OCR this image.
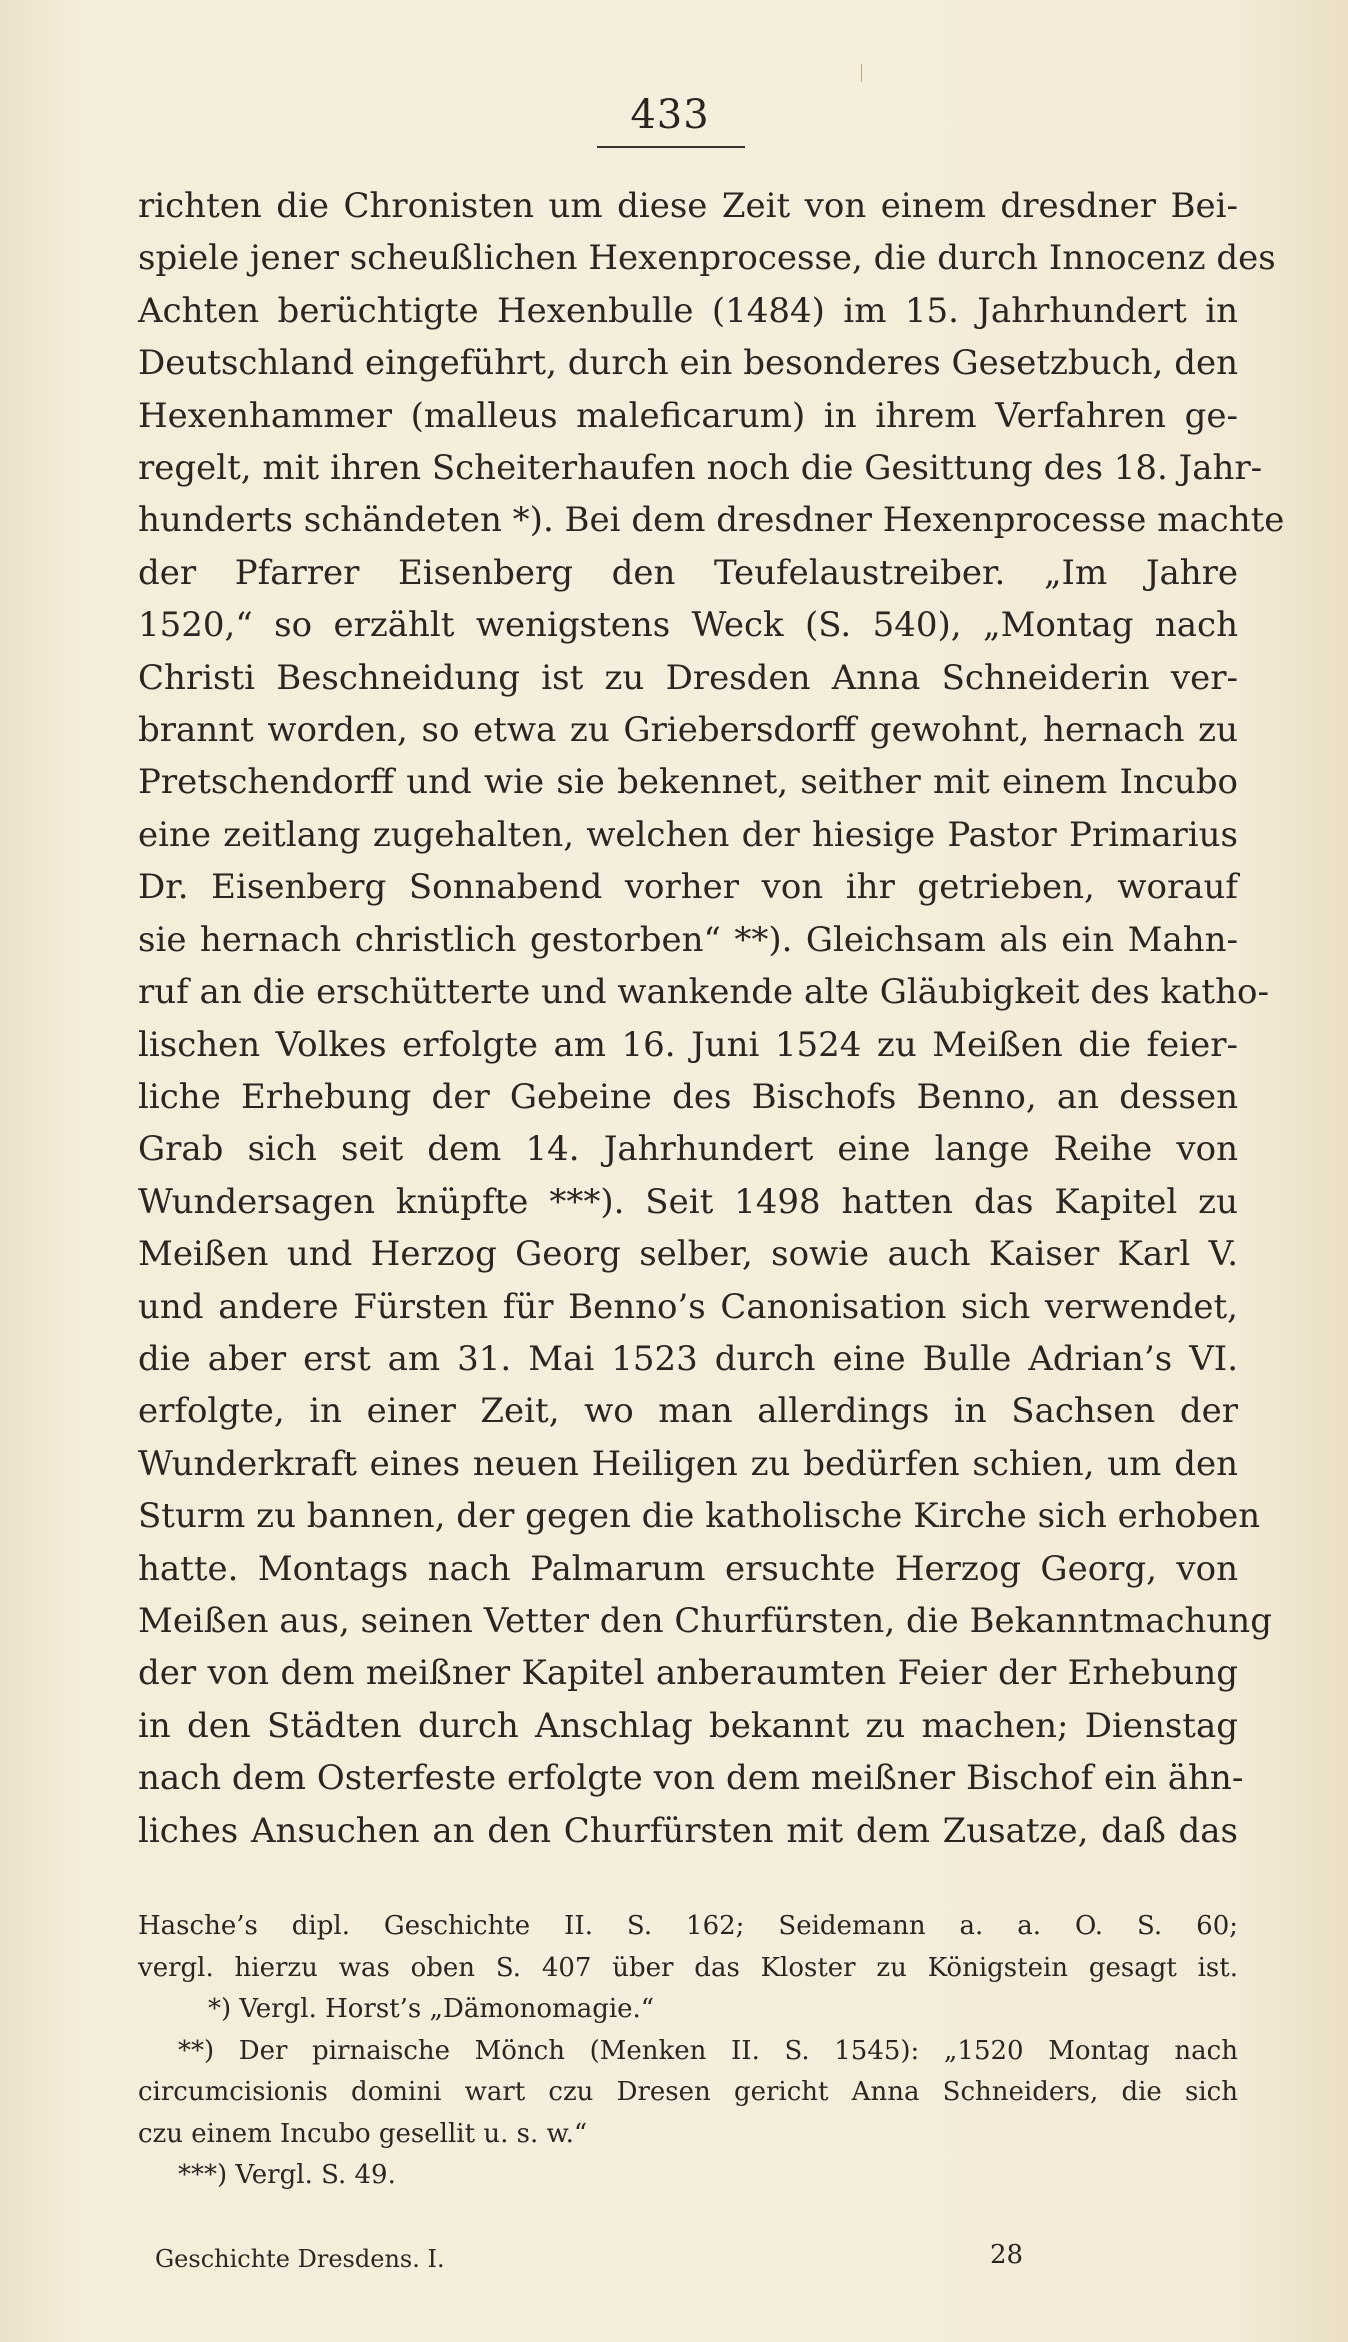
433
richten die Chronisten um diese Zeit von einem dresdner Bei-
spiele jener scheußlichen Hexenprocesse, die durch Innocenz des
Achten berüchtigte Hexenbulle (1484) im 15. Jahrhundert in
Deutschland eingeführt, durch ein besonderes Gesetzbuch, den
Hexenhammer (malleus maleficarum) in ihrem Verfahren ge-
regelt, mit ihren Scheiterhaufen noch die Gesittung des 18. Jahr-
hunderts schändeten *). Bei dem dresdner Hexenprocesse machte
der Pfarrer Eisenberg den Teufelaustreiber. „Im Jahre
1520,“ so erzählt wenigstens Weck (S. 540), „Montag nach
Christi Beschneidung ist zu Dresden Anna Schneiderin ver-
brannt worden, so etwa zu Griebersdorff gewohnt, hernach zu
Pretschendorff und wie sie bekennet, seither mit einem Incubo
eine zeitlang zugehalten, welchen der hiesige Pastor Primarius
Dr. Eisenberg Sonnabend vorher von ihr getrieben, worauf
sie hernach christlich gestorben“ **). Gleichsam als ein Mahn-
ruf an die erschütterte und wankende alte Gläubigkeit des katho-
lischen Volkes erfolgte am 16. Juni 1524 zu Meißen die feier-
liche Erhebung der Gebeine des Bischofs Benno, an dessen
Grab sich seit dem 14. Jahrhundert eine lange Reihe von
Wundersagen knüpfte ***). Seit 1498 hatten das Kapitel zu
Meißen und Herzog Georg selber, sowie auch Kaiser Karl V.
und andere Fürsten für Benno’s Canonisation sich verwendet,
die aber erst am 31. Mai 1523 durch eine Bulle Adrian’s VI.
erfolgte, in einer Zeit, wo man allerdings in Sachsen der
Wunderkraft eines neuen Heiligen zu bedürfen schien, um den
Sturm zu bannen, der gegen die katholische Kirche sich erhoben
hatte. Montags nach Palmarum ersuchte Herzog Georg, von
Meißen aus, seinen Vetter den Churfürsten, die Bekanntmachung
der von dem meißner Kapitel anberaumten Feier der Erhebung
in den Städten durch Anschlag bekannt zu machen; Dienstag
nach dem Osterfeste erfolgte von dem meißner Bischof ein ähn-
liches Ansuchen an den Churfürsten mit dem Zusatze, daß das
Hasche’s dipl. Geschichte II. S. 162; Seidemann a. a. O. S. 60;
vergl. hierzu was oben S. 407 über das Kloster zu Königstein gesagt ist.
*) Vergl. Horst’s „Dämonomagie.“
**) Der pirnaische Mönch (Menken II. S. 1545): „1520 Montag nach
circumcisionis domini wart czu Dresen gericht Anna Schneiders, die sich
czu einem Incubo gesellit u. s. w.“
***) Vergl. S. 49.
Geschichte Dresdens. I.	28
